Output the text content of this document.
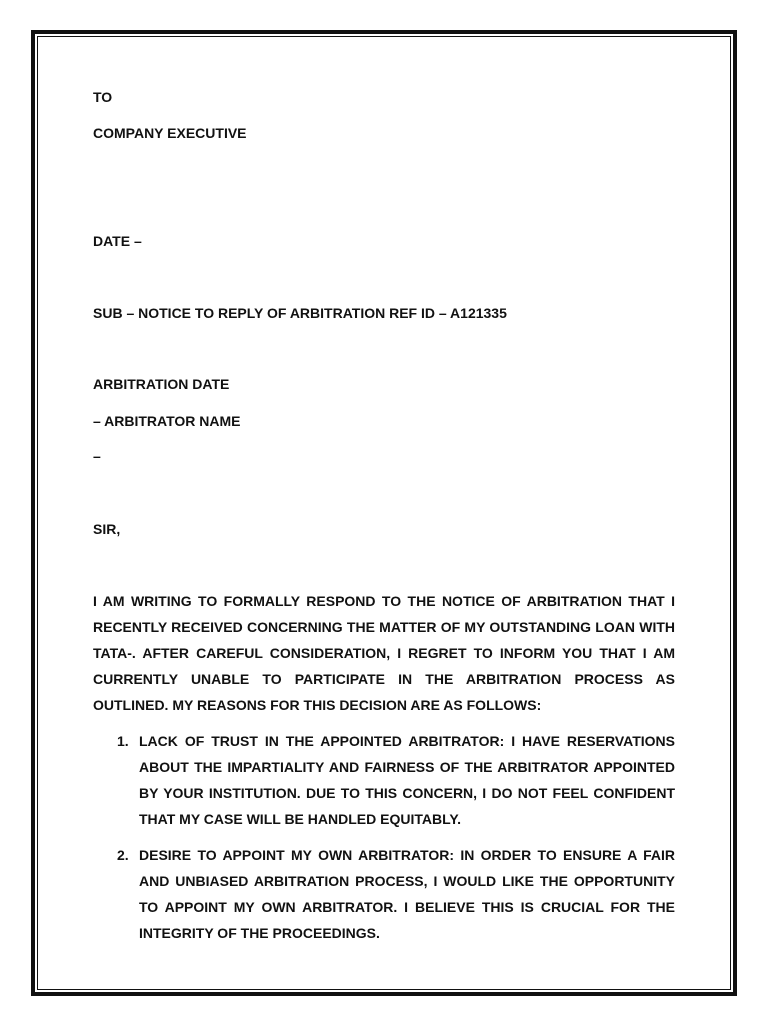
TO

COMPANY EXECUTIVE

DATE –

SUB – NOTICE TO REPLY OF ARBITRATION REF ID – A121335

ARBITRATION DATE

– ARBITRATOR NAME

–

SIR,

I AM WRITING TO FORMALLY RESPOND TO THE NOTICE OF ARBITRATION THAT I RECENTLY RECEIVED CONCERNING THE MATTER OF MY OUTSTANDING LOAN WITH TATA-. AFTER CAREFUL CONSIDERATION, I REGRET TO INFORM YOU THAT I AM CURRENTLY UNABLE TO PARTICIPATE IN THE ARBITRATION PROCESS AS OUTLINED. MY REASONS FOR THIS DECISION ARE AS FOLLOWS:

1. LACK OF TRUST IN THE APPOINTED ARBITRATOR: I HAVE RESERVATIONS ABOUT THE IMPARTIALITY AND FAIRNESS OF THE ARBITRATOR APPOINTED BY YOUR INSTITUTION. DUE TO THIS CONCERN, I DO NOT FEEL CONFIDENT THAT MY CASE WILL BE HANDLED EQUITABLY.
2. DESIRE TO APPOINT MY OWN ARBITRATOR: IN ORDER TO ENSURE A FAIR AND UNBIASED ARBITRATION PROCESS, I WOULD LIKE THE OPPORTUNITY TO APPOINT MY OWN ARBITRATOR. I BELIEVE THIS IS CRUCIAL FOR THE INTEGRITY OF THE PROCEEDINGS.
